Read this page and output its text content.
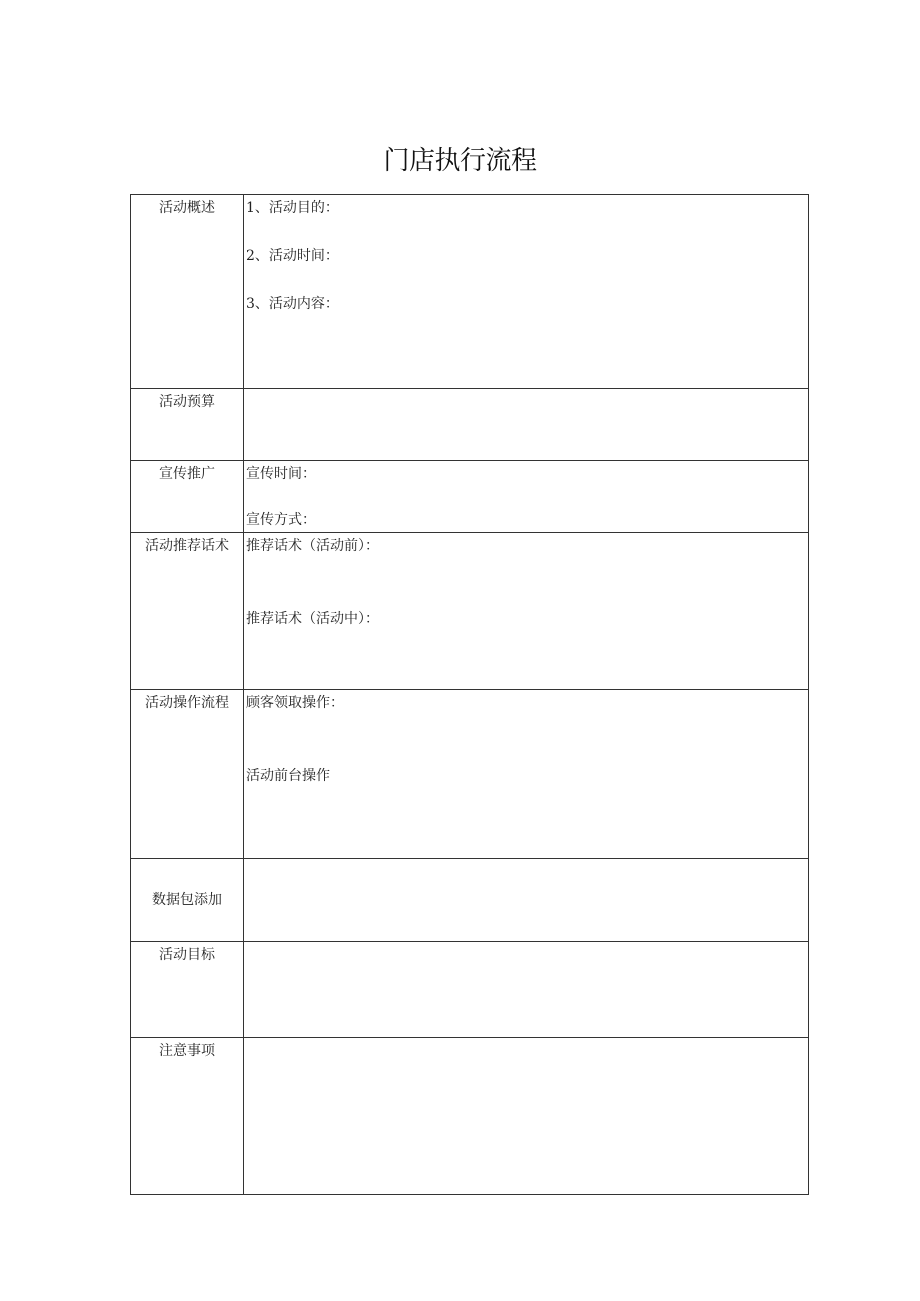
门店执行流程
活动概述	1、活动目的：
2、活动时间：
3、活动内容：

活动预算	
宣传推广	宣传时间：
宣传方式：

活动推荐话术	推荐话术（活动前）：
推荐话术（活动中）：

活动操作流程	顾客领取操作：
活动前台操作

数据包添加	
活动目标	
注意事项	
